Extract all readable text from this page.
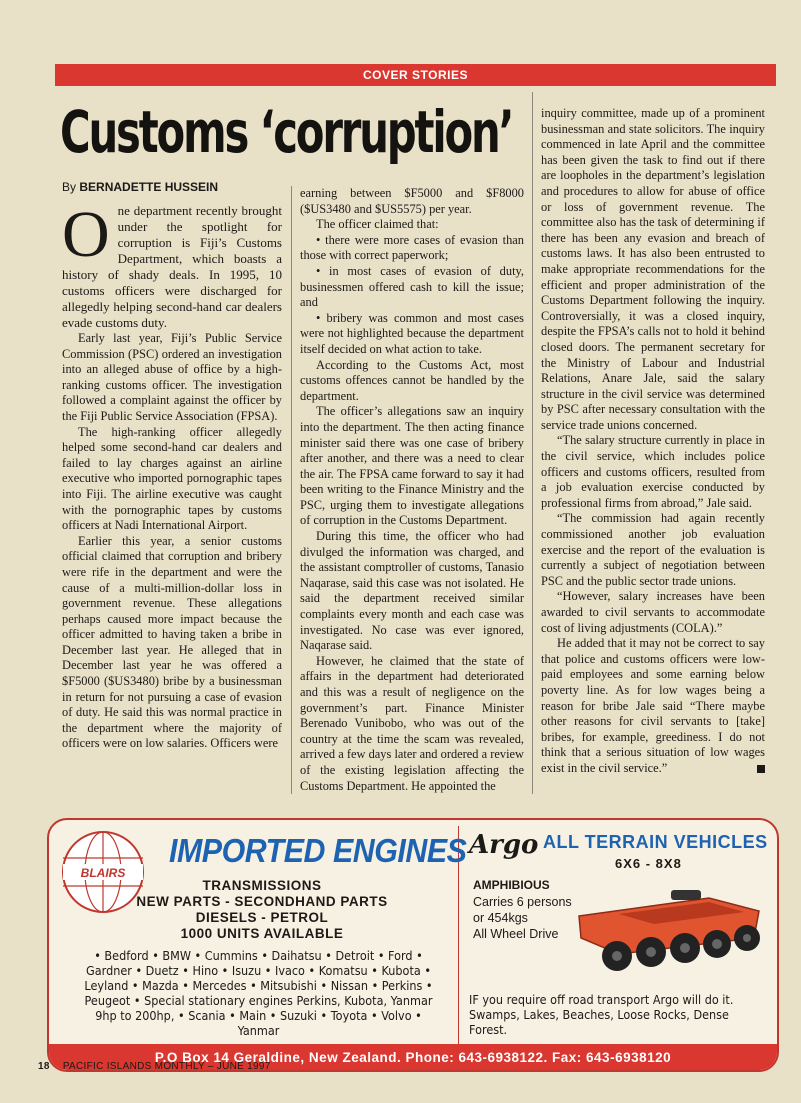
COVER STORIES
Customs ‘corruption’
By BERNADETTE HUSSEIN

One department recently brought under the spotlight for corruption is Fiji’s Customs Department, which boasts a history of shady deals. In 1995, 10 customs officers were discharged for allegedly helping second-hand car dealers evade customs duty.

Early last year, Fiji’s Public Service Commission (PSC) ordered an investigation into an alleged abuse of office by a high-ranking customs officer. The investigation followed a complaint against the officer by the Fiji Public Service Association (FPSA).

The high-ranking officer allegedly helped some second-hand car dealers and failed to lay charges against an airline executive who imported pornographic tapes into Fiji. The airline executive was caught with the pornographic tapes by customs officers at Nadi International Airport.

Earlier this year, a senior customs official claimed that corruption and bribery were rife in the department and were the cause of a multi-million-dollar loss in government revenue. These allegations perhaps caused more impact because the officer admitted to having taken a bribe in December last year. He alleged that in December last year he was offered a $F5000 ($US3480) bribe by a businessman in return for not pursuing a case of evasion of duty. He said this was normal practice in the department where the majority of officers were on low salaries. Officers were

earning between $F5000 and $F8000 ($US3480 and $US5575) per year.

The officer claimed that:

• there were more cases of evasion than those with correct paperwork;

• in most cases of evasion of duty, businessmen offered cash to kill the issue; and

• bribery was common and most cases were not highlighted because the department itself decided on what action to take.

According to the Customs Act, most customs offences cannot be handled by the department.

The officer’s allegations saw an inquiry into the department. The then acting finance minister said there was one case of bribery after another, and there was a need to clear the air. The FPSA came forward to say it had been writing to the Finance Ministry and the PSC, urging them to investigate allegations of corruption in the Customs Department.

During this time, the officer who had divulged the information was charged, and the assistant comptroller of customs, Tanasio Naqarase, said this case was not isolated. He said the department received similar complaints every month and each case was investigated. No case was ever ignored, Naqarase said.

However, he claimed that the state of affairs in the department had deteriorated and this was a result of negligence on the government’s part. Finance Minister Berenado Vunibobo, who was out of the country at the time the scam was revealed, arrived a few days later and ordered a review of the existing legislation affecting the Customs Department. He appointed the

inquiry committee, made up of a prominent businessman and state solicitors. The inquiry commenced in late April and the committee has been given the task to find out if there are loopholes in the department’s legislation and procedures to allow for abuse of office or loss of government revenue. The committee also has the task of determining if there has been any evasion and breach of customs laws. It has also been entrusted to make appropriate recommendations for the efficient and proper administration of the Customs Department following the inquiry. Controversially, it was a closed inquiry, despite the FPSA’s calls not to hold it behind closed doors. The permanent secretary for the Ministry of Labour and Industrial Relations, Anare Jale, said the salary structure in the civil service was determined by PSC after necessary consultation with the service trade unions concerned.

“The salary structure currently in place in the civil service, which includes police officers and customs officers, resulted from a job evaluation exercise conducted by professional firms from abroad,” Jale said.

“The commission had again recently commissioned another job evaluation exercise and the report of the evaluation is currently a subject of negotiation between PSC and the public sector trade unions.

“However, salary increases have been awarded to civil servants to accommodate cost of living adjustments (COLA).”

He added that it may not be correct to say that police and customs officers were low-paid employees and some earning below poverty line. As for low wages being a reason for bribe Jale said “There maybe other reasons for civil servants to [take] bribes, for example, greediness. I do not think that a serious situation of low wages exist in the civil service.”

BLAIRS
IMPORTED ENGINES
TRANSMISSIONS
NEW PARTS - SECONDHAND PARTS
DIESELS - PETROL
1000 UNITS AVAILABLE
• Bedford • BMW • Cummins • Daihatsu • Detroit • Ford • Gardner • Duetz • Hino • Isuzu • Ivaco • Komatsu • Kubota • Leyland • Mazda • Mercedes • Mitsubishi • Nissan • Perkins • Peugeot • Special stationary engines Perkins, Kubota, Yanmar 9hp to 200hp, • Scania • Main • Suzuki • Toyota • Volvo • Yanmar
Argo ALL TERRAIN VEHICLES
6X6 - 8X8
AMPHIBIOUS
Carries 6 persons
or 454kgs
All Wheel Drive
IF you require off road transport Argo will do it. Swamps, Lakes, Beaches, Loose Rocks, Dense Forest.
P.O Box 14 Geraldine, New Zealand. Phone: 643-6938122. Fax: 643-6938120
18 PACIFIC ISLANDS MONTHLY – JUNE 1997
